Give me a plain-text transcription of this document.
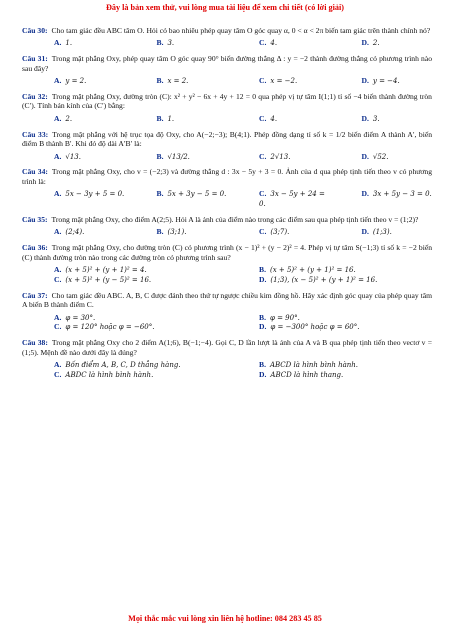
Đây là bản xem thử, vui lòng mua tài liệu để xem chi tiết (có lời giải)
Câu 30: Cho tam giác đều ABC tâm O. Hỏi có bao nhiêu phép quay tâm O góc quay α, 0 < α < 2π biến tam giác trên thành chính nó?
A. 1.	B. 3.	C. 4.	D. 2.
Câu 31: Trong mặt phẳng Oxy, phép quay tâm O góc quay 90° biến đường thẳng Δ : y = −2 thành đường thẳng có phương trình nào sau đây?
A. y = 2.	B. x = 2.	C. x = −2.	D. y = −4.
Câu 32: Trong mặt phẳng Oxy, đường tròn (C): x² + y² − 6x + 4y + 12 = 0 qua phép vị tự tâm I(1;1) tỉ số −4 biến thành đường tròn (C′). Tính bán kính của (C′) bằng:
A. 2.	B. 1.	C. 4.	D. 3.
Câu 33: Trong mặt phẳng với hệ trục tọa độ Oxy, cho A(−2;−3); B(4;1). Phép đồng dạng tỉ số k = 1/2 biến điểm A thành A′, biến điểm B thành B′. Khi đó độ dài A′B′ là:
A. √13.	B. √13/2.	C. 2√13.	D. √52.
Câu 34: Trong mặt phẳng Oxy, cho v = (−2;3) và đường thẳng d : 3x − 5y + 3 = 0. Ảnh của d qua phép tịnh tiến theo v có phương trình là:
A. 5x − 3y + 5 = 0.	B. 5x + 3y − 5 = 0.	C. 3x − 5y + 24 = 0.
D. 3x + 5y − 3 = 0.
Câu 35: Trong mặt phẳng Oxy, cho điểm A(2;5). Hỏi A là ảnh của điểm nào trong các điểm sau qua phép tịnh tiến theo v = (1;2)?
A. (2;4).	B. (3;1).	C. (3;7).	D. (1;3).
Câu 36: Trong mặt phẳng Oxy, cho đường tròn (C) có phương trình (x − 1)² + (y − 2)² = 4. Phép vị tự tâm S(−1;3) tỉ số k = −2 biến (C) thành đường tròn nào trong các đường tròn có phương trình sau?
A. (x + 5)² + (y + 1)² = 4.	B. (x + 5)² + (y + 1)² = 16.
C. (x + 5)² + (y − 5)² = 16.	D. (1;3), (x − 5)² + (y + 1)² = 16.
Câu 37: Cho tam giác đều ABC. A, B, C được đánh theo thứ tự ngược chiều kim đồng hồ. Hãy xác định góc quay của phép quay tâm A biến B thành điểm C.
A. φ = 30°.	B. φ = 90°.
C. φ = 120° hoặc φ = −60°.	D. φ = −300° hoặc φ = 60°.
Câu 38: Trong mặt phẳng Oxy cho 2 điểm A(1;6), B(−1;−4). Gọi C, D lần lượt là ảnh của A và B qua phép tịnh tiến theo vectơ v = (1;5). Mệnh đề nào dưới đây là đúng?
A. Bốn điểm A, B, C, D thẳng hàng.	B. ABCD là hình bình hành.
C. ABDC là hình bình hành.	D. ABCD là hình thang.
Mọi thắc mắc vui lòng xin liên hệ hotline: 084 283 45 85
